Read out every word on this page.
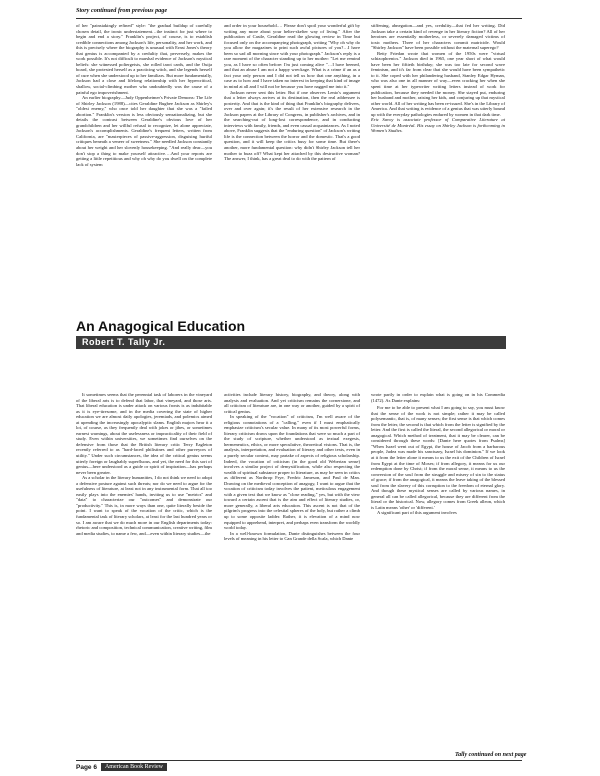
Story continued from previous page

of her "painstakingly refined" style: "the gradual buildup of carefully chosen detail, the ironic understatement…the instinct for just where to begin and end a story." Franklin's project, of course, is to establish credible connections among Jackson's life, personality, and her work, and this is precisely where the biography is unusual with Ernst Jones's theory that genius is accompanied by a credulity that, perversely, makes the work possible. It's not difficult to marshal evidence of Jackson's mystical beliefs: she witnessed poltergeists, she rolled tarot cards, and the Ouija board, she protested herself as a practicing witch, and she legends herself of cure when she understood up to her familiars. But more fundamentally, Jackson had a close and lifelong relationship with her hypercritical, shallow, social-climbing mother who undoubtedly was the cause of a painful ego impoverishment.

An earlier biography—Judy Oppenheimer's Private Demons: The Life of Shirley Jackson (1988)—cites Geraldine Bugbee Jackson as Shirley's "oldest enemy," who once told her daughter that she was a "failed abortion." Franklin's version is less obviously sensationalizing, but she details the contrast between Geraldine's obvious love of her grandchildren and her willful refusal to recognize, let alone appreciate, Jackson's accomplishments. Geraldine's frequent letters, written from California, are "masterpieces of passive-aggression, disguising hurtful critiques beneath a veneer of sweetness." She needled Jackson constantly about her weight and her slovenly housekeeping. "And really dear—you don't stop a thing to make yourself attractive….And your reports are getting a little repetitious and why oh why do you dwell on the complete lack of system

and order in your household.… Please don't spoil your wonderful gift by writing any more about your helter-skelter way of living." After the publication of Castle, Geraldine read the glowing review in Time but focused only on the accompanying photograph, writing "Why oh why do you allow the magazines to print such awful pictures of you?…I have been so sad all morning since with your photograph." Jackson's reply is a rare moment of the character standing up to her mother: "Let me remind you, as I have so often before: I'm just coming alive "…I have beened, and that an abuse I am not a happy wreckage. What is a crime if an as a fact your only person and I did not tell us how that one anything, in a case as to how and I have taken no interest in keeping that kind of image in mind at all and I will not be because you have nagged me into it."

Jackson never sent this letter. But if one observes Lenio's argument that a letter always arrives at its destination, then the real addressee is posterity. And that is the kind of thing that Franklin's biography delivers, over and over again; it's the result of her extensive research in the Jackson papers at the Library of Congress, in publisher's archives, and in the searching-out of long-lost correspondence, and in conducting interviews with family, friends, and even casual acquaintances. As I noted above, Franklin suggests that the "enduring question" of Jackson's writing life is the connection between the horror and the domestic. That's a good question, and it will keep the critics busy for some time. But there's another, more fundamental question: why didn't Shirley Jackson tell her mother to buzz off? What kept her attached by this destructive woman? The answer, I think, has a great deal to do with the pattern of

stiffening, abnegation—and yes, credulity—that fed her writing. Did Jackson take a certain kind of revenge in her literary fiction? All of her heroines are essentially motherless, or severely damaged victims of toxic mothers. Three of her characters commit matricide. Would "Shirley Jackson" have been possible without the maternal superego?

Betty Friedan wrote that women of the 1950s were "virtual schizophrenics." Jackson died in 1965, one year short of what would have been her fiftieth birthday; she was too late for second wave feminism, and it's far from clear that she would have been sympathetic to it. She coped with her philandering husband, Stanley Edgar Hyman, who was also one in all manner of way—even cracking her when she spent time at her typewriter writing letters instead of work for publication, because they needed the money. She stayed put, enduring her husband and mother, raising her kids, and conjuring up that mystical other world. All of her writing has been re-issued. She's in the Library of America. And that writing is evidence of a genius that was utterly bound up with the everyday pathologies endured by women in that dark time.

Eric Savoy is associate professor of Comparative Literature at Université de Montréal. His essay on Shirley Jackson is forthcoming in Women's Studies.

An Anagogical Education
Robert T. Tally Jr.

It sometimes seems that the perennial task of laborers in the vineyard of the liberal arts is to defend that labor, that vineyard, and those arts. That liberal education is under attack on various fronts is as indubitable as it is eye-tiresome, and in the media covering the state of higher education we are almost daily apologies, jeremiads, and polemics aimed at upending the increasingly apocalyptic slams. English majors hear it a lot, of course, as they frequently deal with jokes or jibes, or sometimes earnest warnings, about the uselessness or impracticality of their field of study. Even within universities, we sometimes find ourselves on the defensive from those that the British literary critic Terry Eagleton recently referred to as "hard-faced philistines and other purveyors of utility." Under such circumstances, the idea of the critical genius seems utterly foreign or laughably superfluous, and yet, the need for this sort of genius—here understood as a guide or spirit of inspiration—has perhaps never been greater.

As a scholar in the literary humanities, I do not think we need to adopt a defensive posture against such threats; nor do we need to argue for the usefulness of literature, at least not in any instrumental form. That all too easily plays into the enemies' hands, inviting us to use "metrics" and "data" to characterize our "outcomes" and demonstrate our "productivity." This is, in more ways than one, quite literally beside the point. I want to speak of the vocation of the critic, which is the fundamental task of literary scholars, at least for the last hundred years or so. I am aware that we do much more in our English departments today: rhetoric and composition, technical communication, creative writing, film and media studies, to name a few, and—even within literary studies—the

activities include literary history, biography, and theory, along with analysis and evaluation. And yet criticism remains the cornerstone, and all criticism of literature are, in one way or another, guided by a spirit of critical genius.

In speaking of the "vocation" of criticism, I'm well aware of the religious connotations of a "calling," even if I must emphatically emphasize criticism's secular value. In many of its most powerful forms, literary criticism draws upon the foundations that were so much a part of the study of scripture, whether understood as textual exegesis, hermeneutics, ethics, or more speculative, theoretical visions. That is, the analysis, interpretation, and evaluation of literary and other texts, even in a purely secular context, may partake of aspects of religious scholarship. Indeed, the vocation of criticism (in the good old Weberian sense) involves a similar project of demystification, while also respecting the wealth of spiritual substance proper to literature, as may be seen in critics as different as Northrop Frye, Fredric Jameson, and Paul de Man. Drawing on the medieval conception of anagogy, I want to argue that the vocation of criticism today involves the patient, meticulous engagement with a given text that we know as "close reading," yes, but with the view toward a certain ascent that is the aim and effect of literary studies, or, more generally, a liberal arts education. This ascent is not that of the pilgrim's progress into the celestial spheres of the holy, but rather a climb up to some opposite ladder. Rather, it is elevation of a mind now equipped to apprehend, interpret, and perhaps even transform the worldly world today.

In a well-known formulation, Dante distinguishes between the four levels of meaning in his letter to Can Grande della Scala, which Dante

wrote partly in order to explain what is going on in his Commedia (1472). As Dante explains:

For me to be able to present what I am going to say, you must know that the sense of the work is not simple; rather it may be called polysemantic, that is, of many senses; the first sense is that which comes from the letter, the second is that which from the letter is signified by the letter. And the first is called the literal, the second allegorical or moral or anagogical. Which method of treatment, that it may be clearer, can be considered through these words: [Dante here quotes from Psalms] "When Israel went out of Egypt, the house of Jacob from a barbarous people, Judea was made his sanctuary, Israel his dominion." If we look at it from the letter alone it means to us the exit of the Children of Israel from Egypt at the time of Moses; if from allegory, it means for us our redemption done by Christ; if from the moral sense, it means to us the conversion of the soul from the struggle and misery of sin to the status of grace; if from the anagogical, it means the leave taking of the blessed soul from the slavery of this corruption to the freedom of eternal glory. And though these mystical senses are called by various names, in general all can be called allegorical, because they are different from the literal or the historical. Now, allegory comes from Greek alleon, which is Latin means 'other' or 'different.'

A significant part of this argument involves

Tally continued on next page
Page 6	American Book Review
